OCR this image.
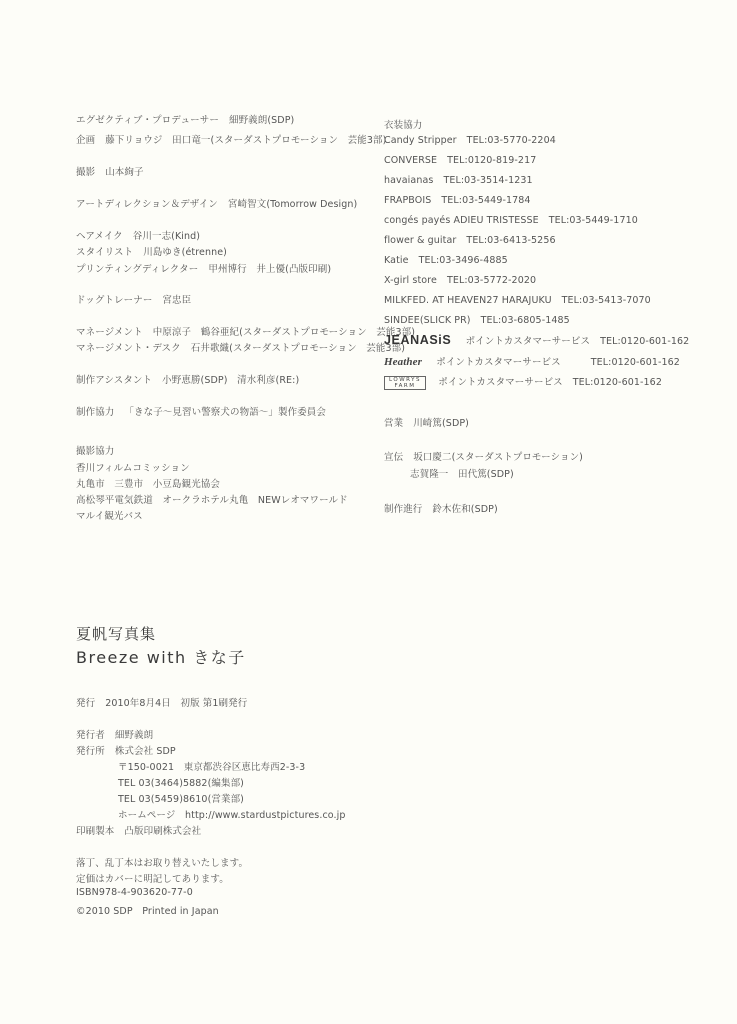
エグゼクティブ・プロデューサー 細野義朗(SDP)
企画 藤下リョウジ　田口竜一(スターダストプロモーション　芸能3部)
撮影 山本絢子
アートディレクション＆デザイン 宮崎智文(Tomorrow Design)
ヘアメイク 谷川一志(Kind)
スタイリスト 川島ゆき(étrenne)
プリンティングディレクター 甲州博行　井上優(凸版印刷)
ドッグトレーナー 宮忠臣
マネージメント 中原涼子　鶴谷亜紀(スターダストプロモーション　芸能3部)
マネージメント・デスク 石井歌織(スターダストプロモーション　芸能3部)
制作アシスタント 小野恵勝(SDP)　清水利彦(RE:)
制作協力 「きな子～見習い警察犬の物語～」製作委員会
撮影協力
香川フィルムコミッション
丸亀市　三豊市　小豆島観光協会
高松琴平電気鉄道　オークラホテル丸亀　NEWレオマワールド
マルイ観光バス
衣装協力
Candy Stripper TEL:03-5770-2204
CONVERSE TEL:0120-819-217
havaianas TEL:03-3514-1231
FRAPBOIS TEL:03-5449-1784
congés payés ADIEU TRISTESSE TEL:03-5449-1710
flower & guitar TEL:03-6413-5256
Katie TEL:03-3496-4885
X-girl store TEL:03-5772-2020
MILKFED. AT HEAVEN27 HARAJUKU TEL:03-5413-7070
SINDEE(SLICK PR) TEL:03-6805-1485
JEANASiS ポイントカスタマーサービス TEL:0120-601-162
Heather ポイントカスタマーサービス	TEL:0120-601-162
LOWRYS FARM ポイントカスタマーサービス TEL:0120-601-162
営業 川崎篤(SDP)
宣伝 坂口慶二(スターダストプロモーション)
志賀隆一　田代篤(SDP)
制作進行 鈴木佐和(SDP)
夏帆写真集
Breeze with きな子
発行 2010年8月4日　初版 第1刷発行
発行者 細野義朗
発行所 株式会社 SDP
〒150-0021　東京都渋谷区恵比寿西2-3-3
TEL 03(3464)5882(編集部)
TEL 03(5459)8610(営業部)
ホームページ　http://www.stardustpictures.co.jp
印刷製本 凸版印刷株式会社
落丁、乱丁本はお取り替えいたします。
定価はカバーに明記してあります。
ISBN978-4-903620-77-0
©2010 SDP　Printed in Japan
